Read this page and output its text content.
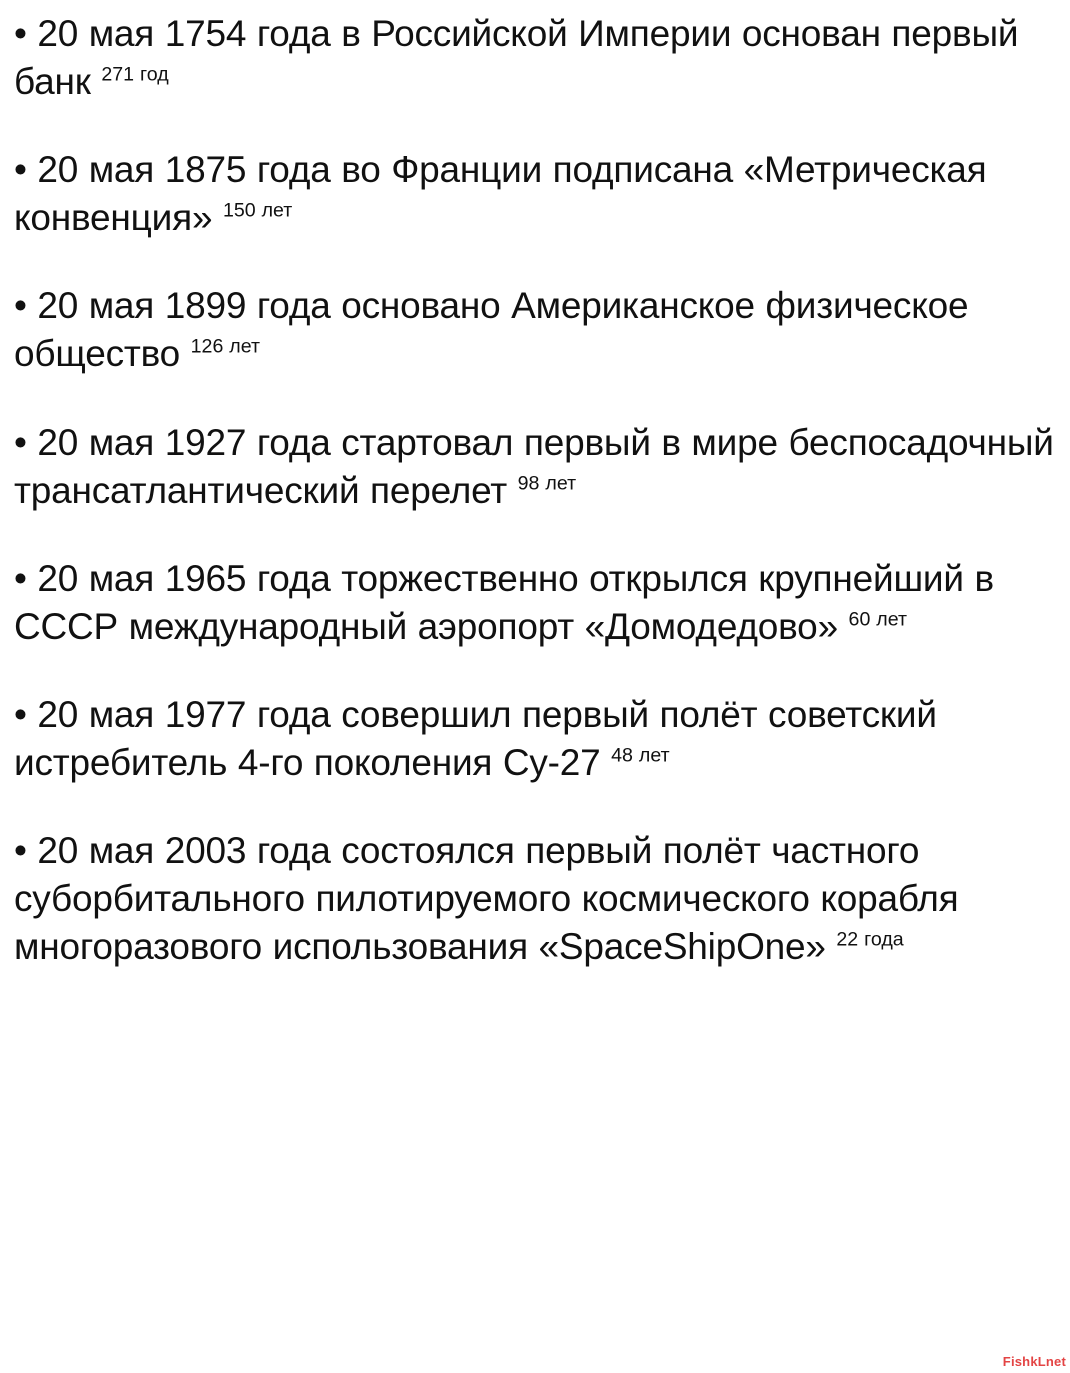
• 20 мая 1754 года в Российской Империи основан первый банк $^{271 год}$

• 20 мая 1875 года во Франции подписана «Метрическая конвенция» $^{150 лет}$

• 20 мая 1899 года основано Американское физическое общество $^{126 лет}$

• 20 мая 1927 года стартовал первый в мире беспосадочный трансатлантический перелет $^{98 лет}$

• 20 мая 1965 года торжественно открылся крупнейший в СССР международный аэропорт «Домодедово» $^{60 лет}$

• 20 мая 1977 года совершил первый полёт советский истребитель 4-го поколения Су-27 $^{48 лет}$

• 20 мая 2003 года состоялся первый полёт частного суборбитального пилотируемого космического корабля многоразового использования «SpaceShipOne» $^{22 года}$

FishkLnet
